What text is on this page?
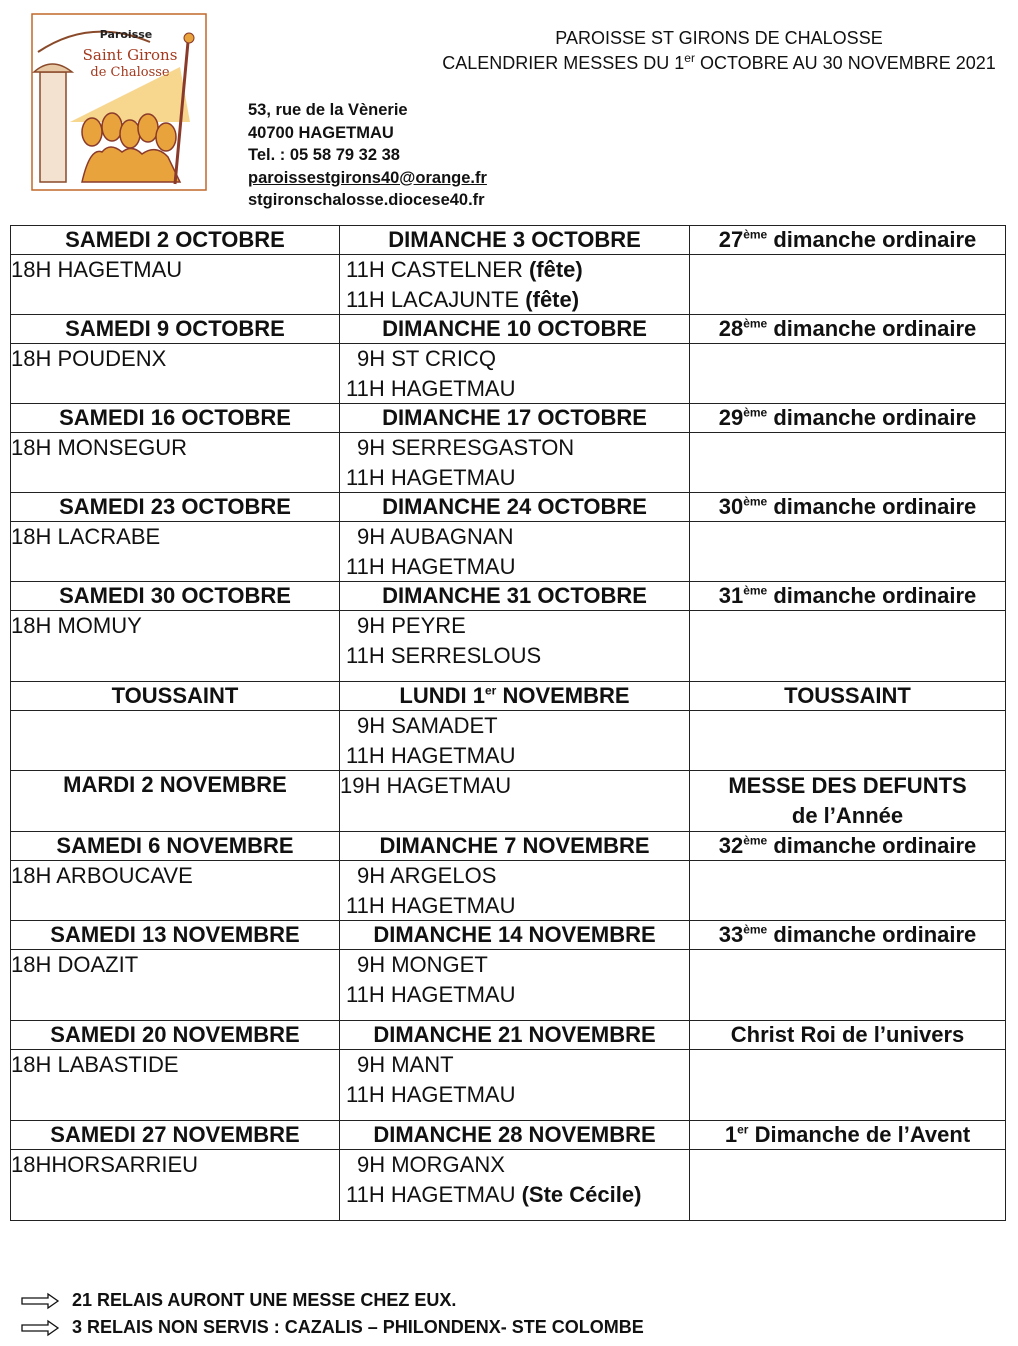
Paroisse
Saint Girons
de Chalosse
PAROISSE ST GIRONS DE CHALOSSE
CALENDRIER MESSES DU 1er OCTOBRE AU 30 NOVEMBRE 2021
53, rue de la Vènerie
40700 HAGETMAU
Tel. : 05 58 79 32 38
paroissestgirons40@orange.fr
stgironschalosse.diocese40.fr
SAMEDI 2 OCTOBRE	DIMANCHE 3 OCTOBRE	27ème dimanche ordinaire

18H HAGETMAU	11H CASTELNER (fête)
11H LACAJUNTE (fête)	

SAMEDI 9 OCTOBRE	DIMANCHE 10 OCTOBRE	28ème dimanche ordinaire

18H POUDENX	9H ST CRICQ
11H HAGETMAU	

SAMEDI 16 OCTOBRE	DIMANCHE 17 OCTOBRE	29ème dimanche ordinaire

18H MONSEGUR	9H SERRESGASTON
11H HAGETMAU	

SAMEDI 23 OCTOBRE	DIMANCHE 24 OCTOBRE	30ème dimanche ordinaire

18H LACRABE	9H AUBAGNAN
11H HAGETMAU	

SAMEDI 30 OCTOBRE	DIMANCHE 31 OCTOBRE	31ème dimanche ordinaire

18H MOMUY	9H PEYRE
11H SERRESLOUS	

TOUSSAINT	LUNDI 1er NOVEMBRE	TOUSSAINT

	9H SAMADET
11H HAGETMAU	

MARDI 2 NOVEMBRE	19H HAGETMAU	MESSE DES DEFUNTS
de l’Année

SAMEDI 6 NOVEMBRE	DIMANCHE 7 NOVEMBRE	32ème dimanche ordinaire

18H ARBOUCAVE	9H ARGELOS
11H HAGETMAU	

SAMEDI 13 NOVEMBRE	DIMANCHE 14 NOVEMBRE	33ème dimanche ordinaire

18H DOAZIT	9H MONGET
11H HAGETMAU	

SAMEDI 20 NOVEMBRE	DIMANCHE 21 NOVEMBRE	Christ Roi de l’univers

18H LABASTIDE	9H MANT
11H HAGETMAU	

SAMEDI 27 NOVEMBRE	DIMANCHE 28 NOVEMBRE	1er Dimanche de l’Avent

18HHORSARRIEU	9H MORGANX
11H HAGETMAU (Ste Cécile)	

21 RELAIS AURONT UNE MESSE CHEZ EUX.
3 RELAIS NON SERVIS : CAZALIS – PHILONDENX- STE COLOMBE
